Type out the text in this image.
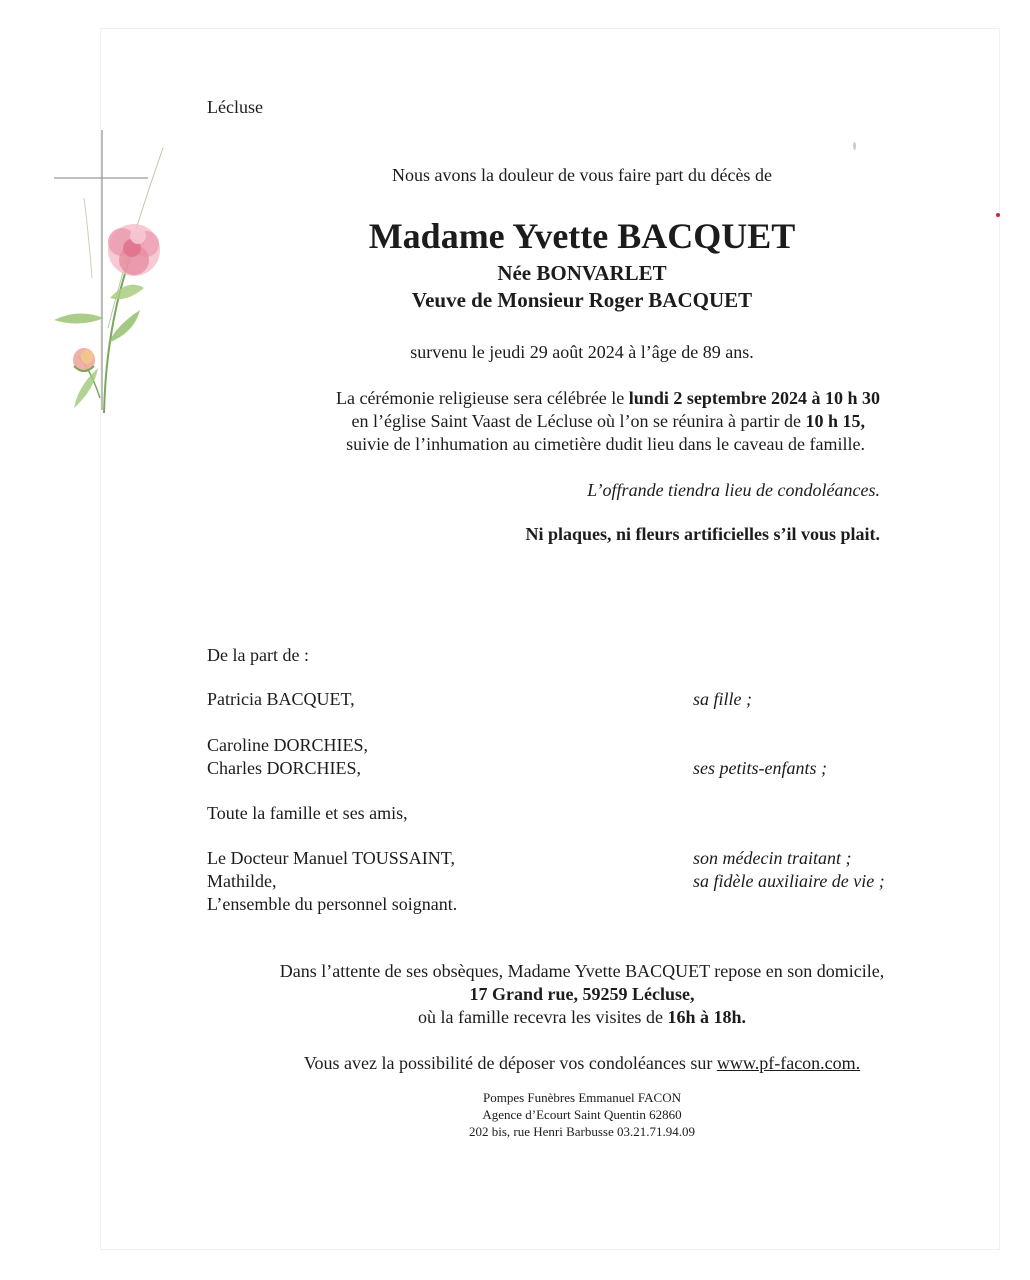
Lécluse
Nous avons la douleur de vous faire part du décès de
Madame Yvette BACQUET
Née BONVARLET
Veuve de Monsieur Roger BACQUET
survenu le jeudi 29 août 2024 à l’âge de 89 ans.
La cérémonie religieuse sera célébrée le lundi 2 septembre 2024 à 10 h 30
en l’église Saint Vaast de Lécluse où l’on se réunira à partir de 10 h 15,
suivie de l’inhumation au cimetière dudit lieu dans le caveau de famille.
L’offrande tiendra lieu de condoléances.
Ni plaques, ni fleurs artificielles s’il vous plait.
De la part de :
Patricia BACQUET,	sa fille ;
Caroline DORCHIES,
Charles DORCHIES,	ses petits-enfants ;
Toute la famille et ses amis,
Le Docteur Manuel TOUSSAINT,	son médecin traitant ;
Mathilde,	sa fidèle auxiliaire de vie ;
L’ensemble du personnel soignant.
Dans l’attente de ses obsèques, Madame Yvette BACQUET repose en son domicile,
17 Grand rue, 59259 Lécluse,
où la famille recevra les visites de 16h à 18h.
Vous avez la possibilité de déposer vos condoléances sur www.pf-facon.com.
Pompes Funèbres Emmanuel FACON
Agence d’Ecourt Saint Quentin 62860
202 bis, rue Henri Barbusse 03.21.71.94.09
